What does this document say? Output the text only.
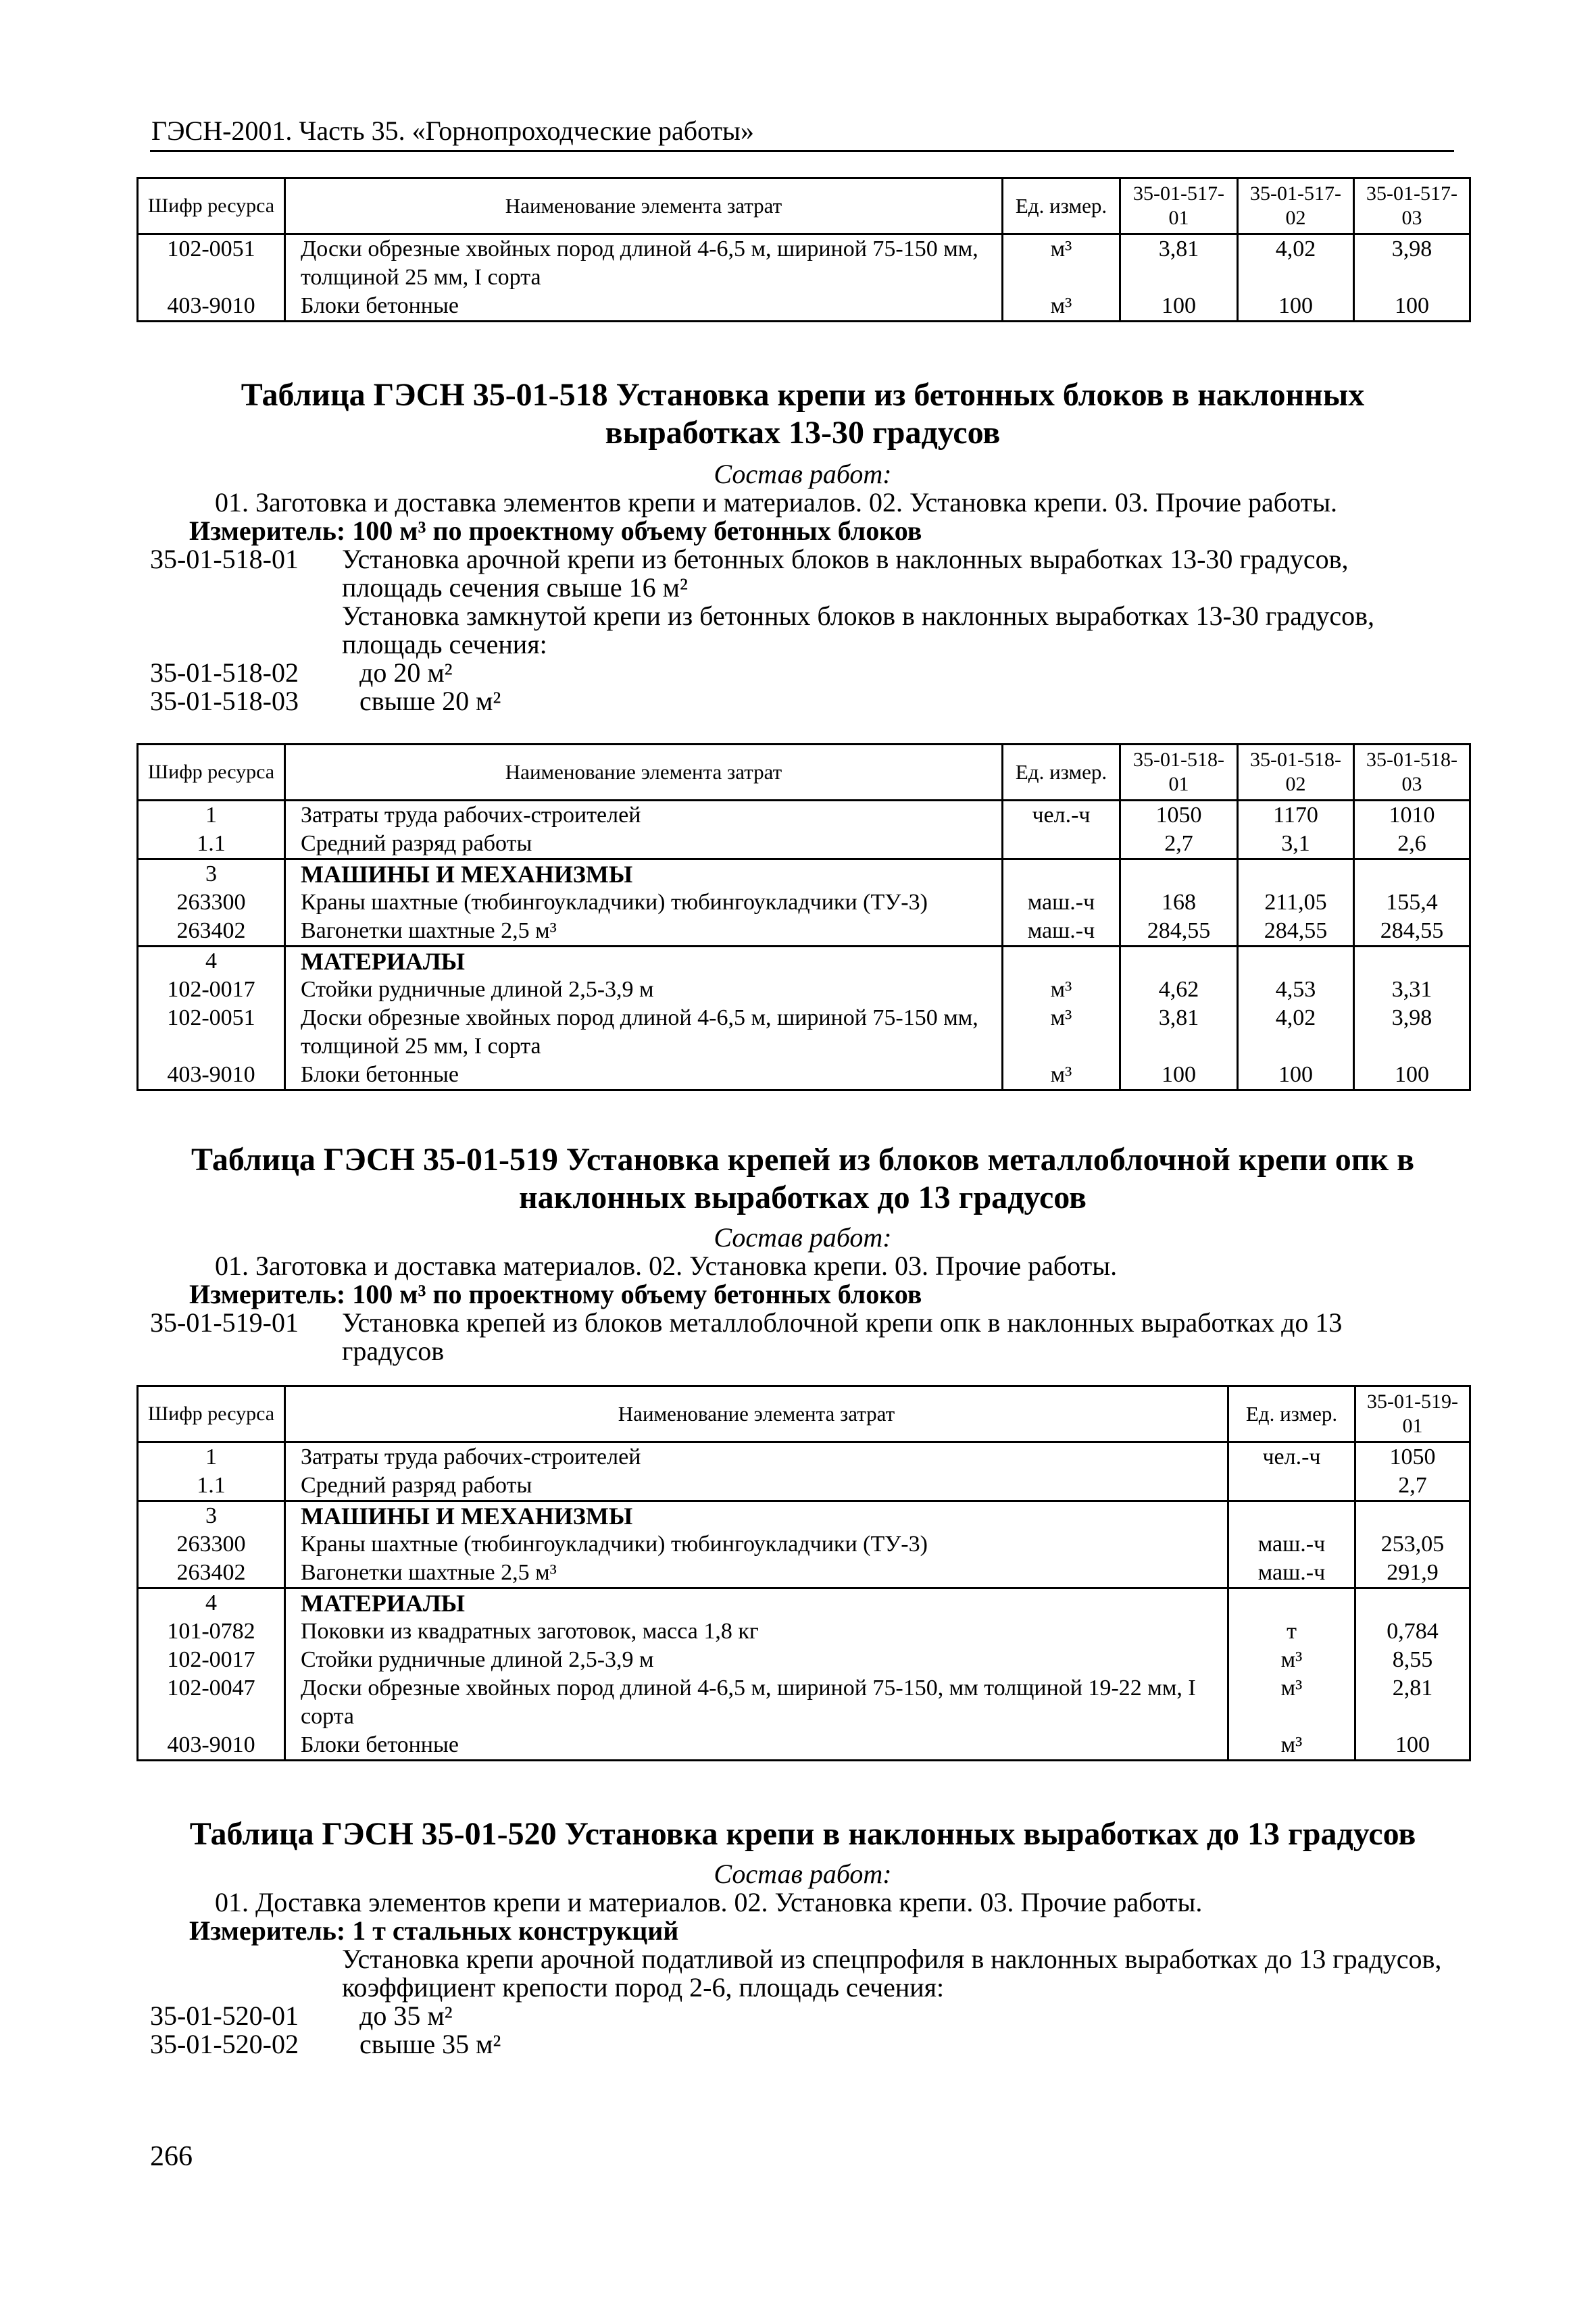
ГЭСН-2001. Часть 35. «Горнопроходческие работы»
Шифр ресурса	Наименование элемента затрат	Ед. измер.	35-01-517-01	35-01-517-02	35-01-517-03
102-0051	Доски обрезные хвойных пород длиной 4-6,5 м, шириной 75-150 мм, толщиной 25 мм, I сорта	м³	3,81	4,02	3,98
403-9010	Блоки бетонные	м³	100	100	100
Таблица ГЭСН 35-01-518 Установка крепи из бетонных блоков в наклонных
выработках 13-30 градусов
Состав работ:
01. Заготовка и доставка элементов крепи и материалов. 02. Установка крепи. 03. Прочие работы.
Измеритель: 100 м³ по проектному объему бетонных блоков
35-01-518-01 Установка арочной крепи из бетонных блоков в наклонных выработках 13-30 градусов,
площадь сечения свыше 16 м²
Установка замкнутой крепи из бетонных блоков в наклонных выработках 13-30 градусов,
площадь сечения:
35-01-518-02 до 20 м²
35-01-518-03 свыше 20 м²
Шифр ресурса	Наименование элемента затрат	Ед. измер.	35-01-518-01	35-01-518-02	35-01-518-03
1	Затраты труда рабочих-строителей	чел.-ч	1050	1170	1010
1.1	Средний разряд работы		2,7	3,1	2,6
3	МАШИНЫ И МЕХАНИЗМЫ				
263300	Краны шахтные (тюбингоукладчики) тюбингоукладчики (ТУ-3)	маш.-ч	168	211,05	155,4
263402	Вагонетки шахтные 2,5 м³	маш.-ч	284,55	284,55	284,55
4	МАТЕРИАЛЫ				
102-0017	Стойки рудничные длиной 2,5-3,9 м	м³	4,62	4,53	3,31
102-0051	Доски обрезные хвойных пород длиной 4-6,5 м, шириной 75-150 мм, толщиной 25 мм, I сорта	м³	3,81	4,02	3,98
403-9010	Блоки бетонные	м³	100	100	100
Таблица ГЭСН 35-01-519 Установка крепей из блоков металлоблочной крепи опк в
наклонных выработках до 13 градусов
Состав работ:
01. Заготовка и доставка материалов. 02. Установка крепи. 03. Прочие работы.
Измеритель: 100 м³ по проектному объему бетонных блоков
35-01-519-01 Установка крепей из блоков металлоблочной крепи опк в наклонных выработках до 13
градусов
Шифр ресурса	Наименование элемента затрат	Ед. измер.	35-01-519-01
1	Затраты труда рабочих-строителей	чел.-ч	1050
1.1	Средний разряд работы		2,7
3	МАШИНЫ И МЕХАНИЗМЫ		
263300	Краны шахтные (тюбингоукладчики) тюбингоукладчики (ТУ-3)	маш.-ч	253,05
263402	Вагонетки шахтные 2,5 м³	маш.-ч	291,9
4	МАТЕРИАЛЫ		
101-0782	Поковки из квадратных заготовок, масса 1,8 кг	т	0,784
102-0017	Стойки рудничные длиной 2,5-3,9 м	м³	8,55
102-0047	Доски обрезные хвойных пород длиной 4-6,5 м, шириной 75-150, мм толщиной 19-22 мм, I сорта	м³	2,81
403-9010	Блоки бетонные	м³	100
Таблица ГЭСН 35-01-520 Установка крепи в наклонных выработках до 13 градусов
Состав работ:
01. Доставка элементов крепи и материалов. 02. Установка крепи. 03. Прочие работы.
Измеритель: 1 т стальных конструкций
Установка крепи арочной податливой из спецпрофиля в наклонных выработках до 13 градусов,
коэффициент крепости пород 2-6, площадь сечения:
35-01-520-01 до 35 м²
35-01-520-02 свыше 35 м²
266
